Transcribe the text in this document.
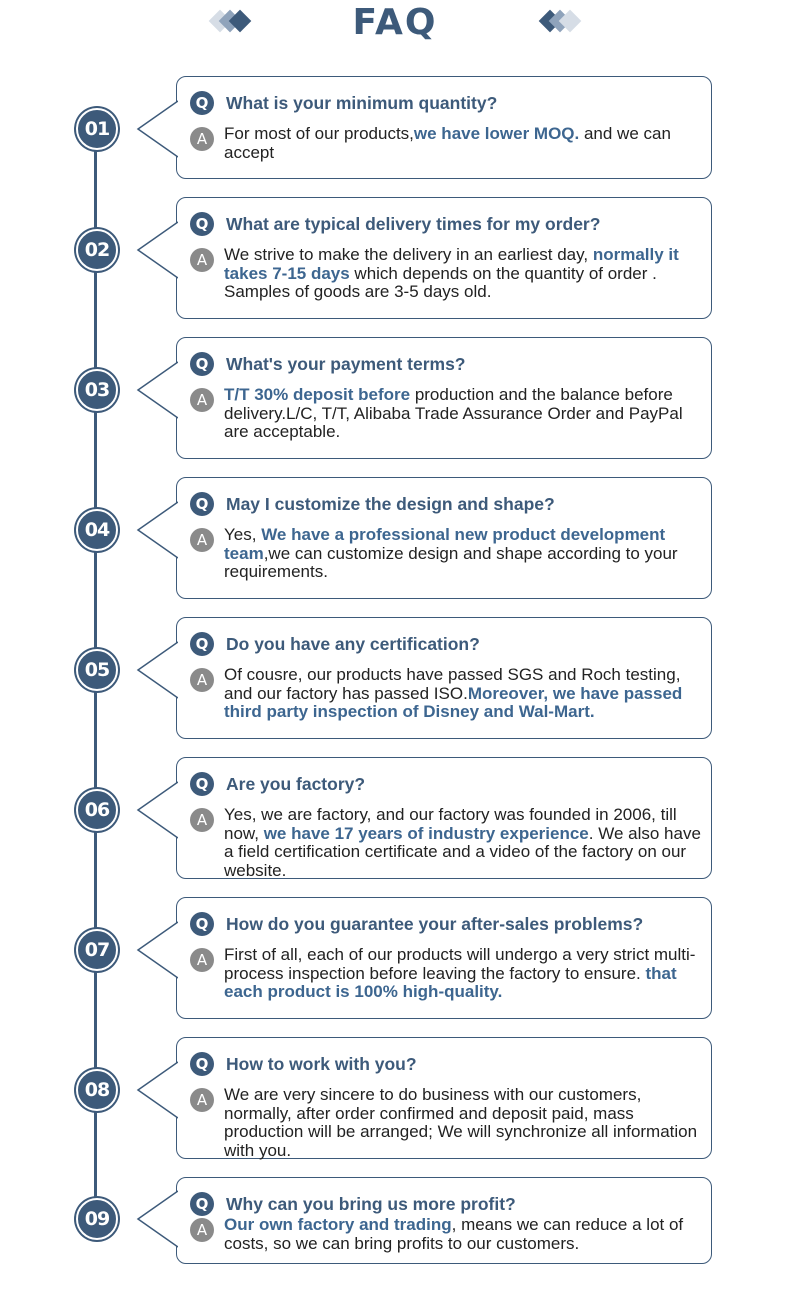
FAQ
01
Q	What is your minimum quantity?
A For most of our products,we have lower MOQ. and we can accept
02
Q	What are typical delivery times for my order?
A We strive to make the delivery in an earliest day, normally it takes 7-15 days which depends on the quantity of order . Samples of goods are 3-5 days old.
03
Q	What's your payment terms?
A T/T 30% deposit before production and the balance before delivery.L/C, T/T, Alibaba Trade Assurance Order and PayPal are acceptable.
04
Q	May I customize the design and shape?
A Yes, We have a professional new product development team,we can customize design and shape according to your requirements.
05
Q	Do you have any certification?
A Of cousre, our products have passed SGS and Roch testing, and our factory has passed ISO.Moreover, we have passed third party inspection of Disney and Wal-Mart.
06
Q	Are you factory?
A Yes, we are factory, and our factory was founded in 2006, till now, we have 17 years of industry experience. We also have a field certification certificate and a video of the factory on our website.
07
Q	How do you guarantee your after-sales problems?
A First of all, each of our products will undergo a very strict multi-process inspection before leaving the factory to ensure. that each product is 100% high-quality.
08
Q	How to work with you?
A We are very sincere to do business with our customers, normally, after order confirmed and deposit paid, mass production will be arranged; We will synchronize all information with you.
09
Q	Why can you bring us more profit?
A Our own factory and trading, means we can reduce a lot of costs, so we can bring profits to our customers.
